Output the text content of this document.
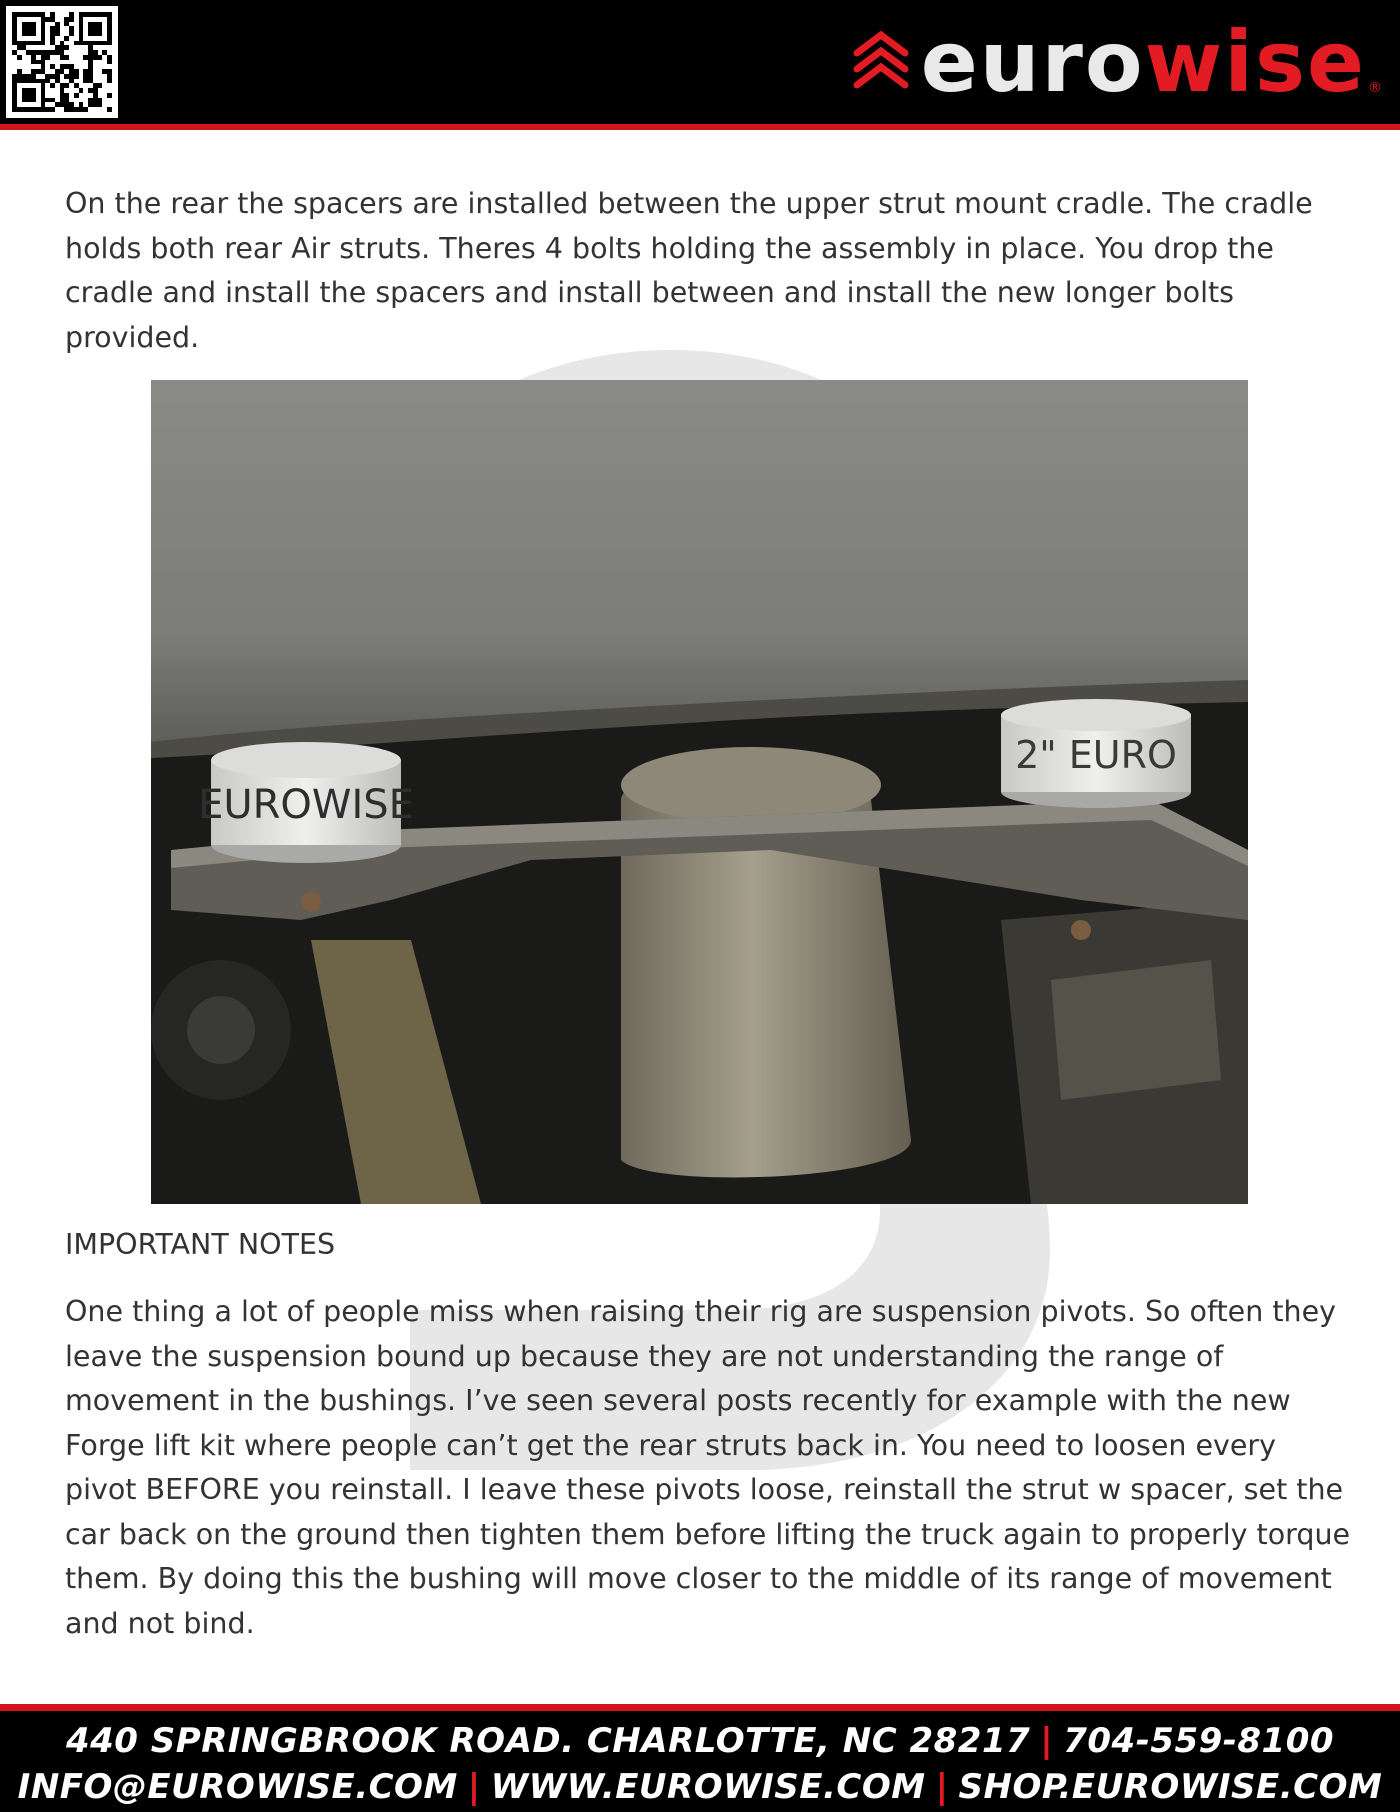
euro wise ®

On the rear the spacers are installed between the upper strut mount cradle. The cradle holds both rear Air struts. Theres 4 bolts holding the assembly in place. You drop the cradle and install the spacers and install between and install the new longer bolts provided.

EUROWISE
2" EURO

IMPORTANT NOTES

One thing a lot of people miss when raising their rig are suspension pivots. So often they leave the suspension bound up because they are not understanding the range of movement in the bushings. I’ve seen several posts recently for example with the new Forge lift kit where people can’t get the rear struts back in. You need to loosen every pivot BEFORE you reinstall. I leave these pivots loose, reinstall the strut w spacer, set the car back on the ground then tighten them before lifting the truck again to properly torque them. By doing this the bushing will move closer to the middle of its range of movement and not bind.

440 SPRINGBROOK ROAD. CHARLOTTE, NC 28217 | 704-559-8100
INFO@EUROWISE.COM | WWW.EUROWISE.COM | SHOP.EUROWISE.COM
